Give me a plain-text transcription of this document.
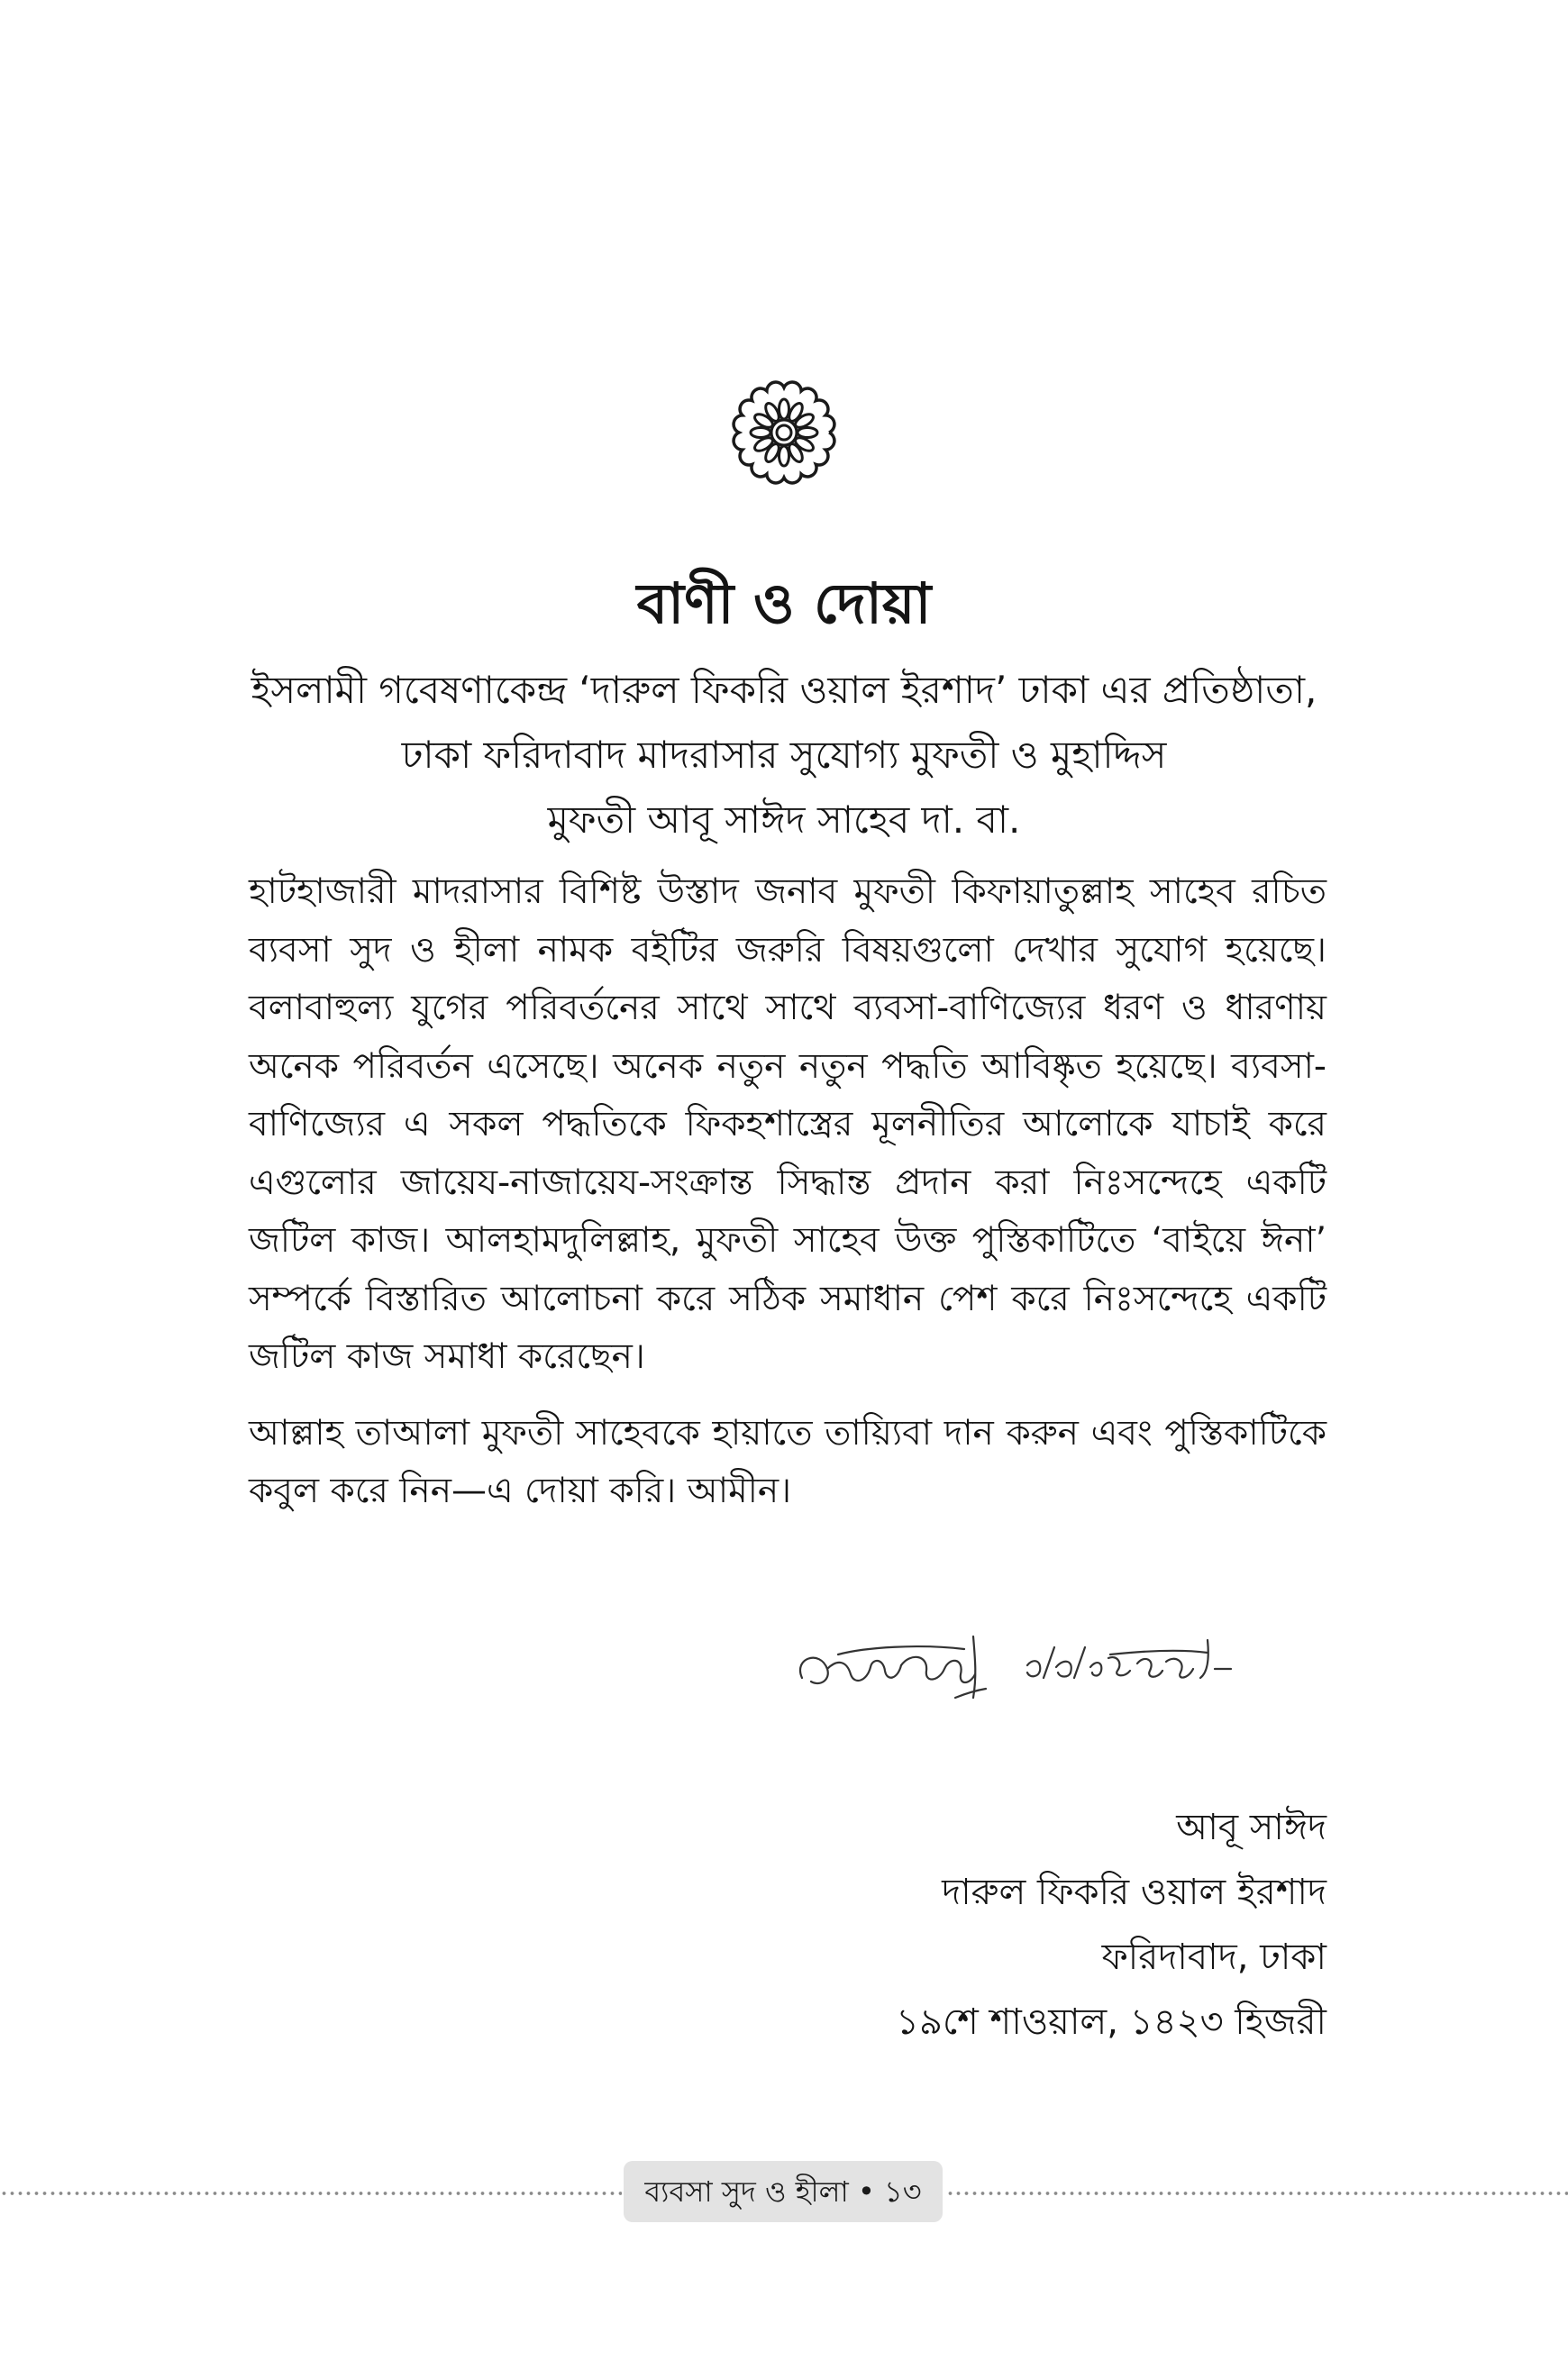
বাণী ও দোয়া
ইসলামী গবেষণাকেন্দ্র ‘দারুল ফিকরি ওয়াল ইরশাদ’ ঢাকা এর প্রতিষ্ঠাতা,
ঢাকা ফরিদাবাদ মাদরাসার সুযোগ্য মুফতী ও মুহাদ্দিস
মুফতী আবূ সাঈদ সাহেব দা. বা.

হাটহাজারী মাদরাসার বিশিষ্ট উস্তাদ জনাব মুফতী কিফায়াতুল্লাহ সাহেব রচিত ব্যবসা সুদ ও হীলা নামক বইটির জরুরি বিষয়গুলো দেখার সুযোগ হয়েছে। বলাবাহুল্য যুগের পরিবর্তনের সাথে সাথে ব্যবসা-বাণিজ্যের ধরণ ও ধারণায় অনেক পরিবর্তন এসেছে। অনেক নতুন নতুন পদ্ধতি আবিষ্কৃত হয়েছে। ব্যবসা-বাণিজ্যের এ সকল পদ্ধতিকে ফিকহশাস্ত্রের মূলনীতির আলোকে যাচাই করে এগুলোর জায়েয-নাজায়েয-সংক্রান্ত সিদ্ধান্ত প্রদান করা নিঃসন্দেহে একটি জটিল কাজ। আলহামদুলিল্লাহ, মুফতী সাহেব উক্ত পুস্তিকাটিতে ‘বাইয়ে ঈনা’ সম্পর্কে বিস্তারিত আলোচনা করে সঠিক সমাধান পেশ করে নিঃসন্দেহে একটি জটিল কাজ সমাধা করেছেন।

আল্লাহ তাআলা মুফতী সাহেবকে হায়াতে তায়্যিবা দান করুন এবং পুস্তিকাটিকে কবুল করে নিন—এ দোয়া করি। আমীন।

আবূ সাঈদ
দারুল ফিকরি ওয়াল ইরশাদ
ফরিদাবাদ, ঢাকা
১৯শে শাওয়াল, ১৪২৩ হিজরী
ব্যবসা সুদ ও হীলা • ১৩
